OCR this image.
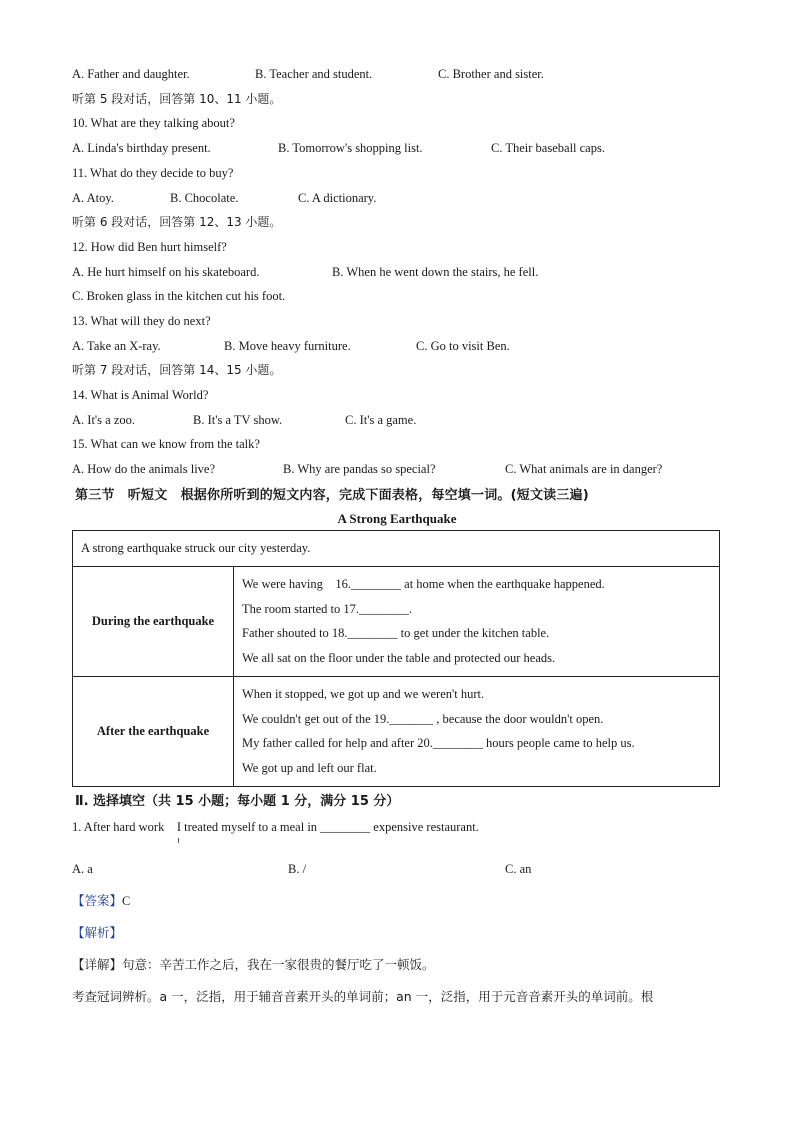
A. Father and daughter.	B. Teacher and student.	C. Brother and sister.
听第 5 段对话，回答第 10、11 小题。
10. What are they talking about?
A. Linda's birthday present.	B. Tomorrow's shopping list.	C. Their baseball caps.
11. What do they decide to buy?
A. Atoy.	B. Chocolate.	C. A dictionary.
听第 6 段对话，回答第 12、13 小题。
12. How did Ben hurt himself?
A. He hurt himself on his skateboard.	B. When he went down the stairs, he fell.
C. Broken glass in the kitchen cut his foot.
13. What will they do next?
A. Take an X-ray.	B. Move heavy furniture.	C. Go to visit Ben.
听第 7 段对话，回答第 14、15 小题。
14. What is Animal World?
A. It's a zoo.	B. It's a TV show.	C. It's a game.
15. What can we know from the talk?
A. How do the animals live?	B. Why are pandas so special?	C. What animals are in danger?
第三节　听短文　根据你所听到的短文内容，完成下面表格，每空填一词。(短文读三遍)
A Strong Earthquake
A strong earthquake struck our city yesterday.	
During the earthquake	We were having　16.________ at home when the earthquake happened.
The room started to 17.________.
Father shouted to 18.________ to get under the kitchen table.
We all sat on the floor under the table and protected our heads.

After the earthquake	When it stopped, we got up and we weren't hurt.
We couldn't get out of the 19._______ , because the door wouldn't open.
My father called for help and after 20.________ hours people came to help us.
We got up and left our flat.
Ⅱ. 选择填空（共 15 小题；每小题 1 分，满分 15 分）
1. After hard work　I treated myself to a meal in ________ expensive restaurant.
A. a	B. /	C. an
【答案】C
【解析】
【详解】句意：辛苦工作之后，我在一家很贵的餐厅吃了一顿饭。
考查冠词辨析。a 一，泛指，用于辅音音素开头的单词前；an 一，泛指，用于元音音素开头的单词前。根
